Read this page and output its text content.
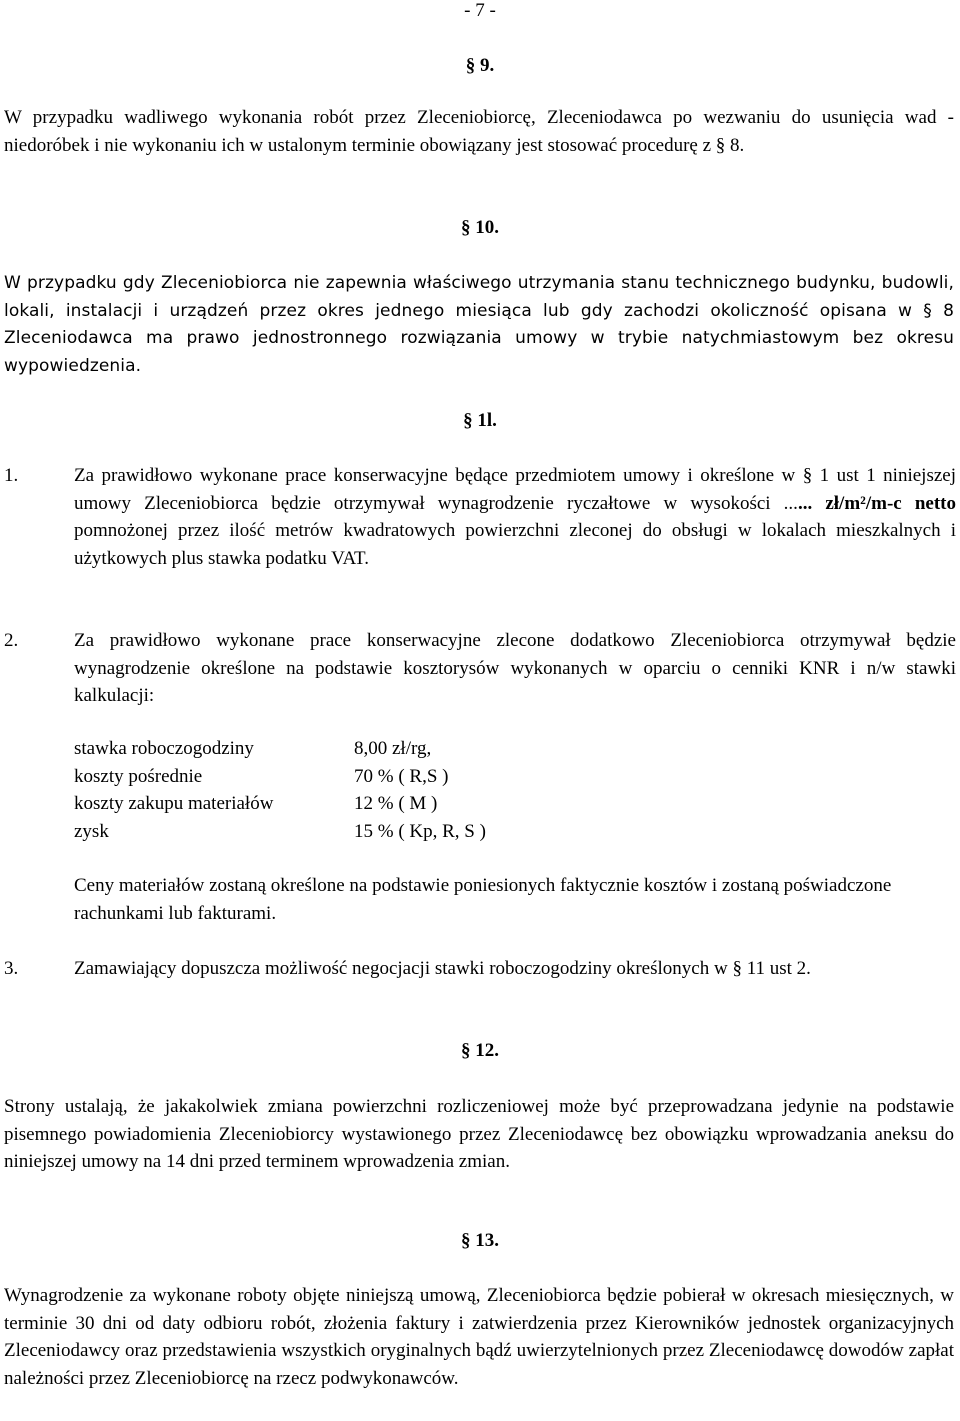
- 7 -
§ 9.
W przypadku wadliwego wykonania robót przez Zleceniobiorcę, Zleceniodawca po wezwaniu do usunięcia wad - niedoróbek i nie wykonaniu ich w ustalonym terminie obowiązany jest stosować procedurę z § 8.
§ 10.
W przypadku gdy Zleceniobiorca nie zapewnia właściwego utrzymania stanu technicznego budynku, budowli, lokali, instalacji i urządzeń przez okres jednego miesiąca lub gdy zachodzi okoliczność opisana w § 8 Zleceniodawca ma prawo jednostronnego rozwiązania umowy w trybie natychmiastowym bez okresu wypowiedzenia.
§ 1l.
1.	Za prawidłowo wykonane prace konserwacyjne będące przedmiotem umowy i określone w § 1 ust 1 niniejszej umowy Zleceniobiorca będzie otrzymywał wynagrodzenie ryczałtowe w wysokości ...... zł/m²/m-c netto pomnożonej przez ilość metrów kwadratowych powierzchni zleconej do obsługi w lokalach mieszkalnych i użytkowych plus stawka podatku VAT.
2.	Za prawidłowo wykonane prace konserwacyjne zlecone dodatkowo Zleceniobiorca otrzymywał będzie wynagrodzenie określone na podstawie kosztorysów wykonanych w oparciu o cenniki KNR i n/w stawki kalkulacji:
stawka roboczogodziny	8,00 zł/rg,
koszty pośrednie	70 % ( R,S )
koszty zakupu materiałów	12 % ( M )
zysk	15 % ( Kp, R, S )
Ceny materiałów zostaną określone na podstawie poniesionych faktycznie kosztów i zostaną poświadczone rachunkami lub fakturami.
3.	Zamawiający dopuszcza możliwość negocjacji stawki roboczogodziny określonych w § 11 ust 2.
§ 12.
Strony ustalają, że jakakolwiek zmiana powierzchni rozliczeniowej może być przeprowadzana jedynie na podstawie pisemnego powiadomienia Zleceniobiorcy wystawionego przez Zleceniodawcę bez obowiązku wprowadzania aneksu do niniejszej umowy na 14 dni przed terminem wprowadzenia zmian.
§ 13.
Wynagrodzenie za wykonane roboty objęte niniejszą umową, Zleceniobiorca będzie pobierał w okresach miesięcznych, w terminie 30 dni od daty odbioru robót, złożenia faktury i zatwierdzenia przez Kierowników jednostek organizacyjnych Zleceniodawcy oraz przedstawienia wszystkich oryginalnych bądź uwierzytelnionych przez Zleceniodawcę dowodów zapłat należności przez Zleceniobiorcę na rzecz podwykonawców.
